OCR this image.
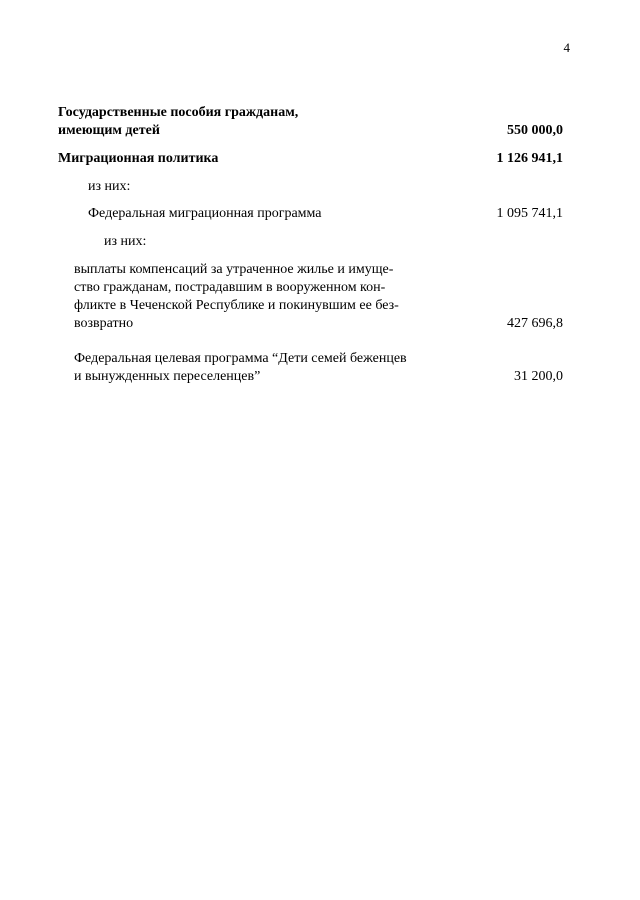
4
Государственные пособия гражданам,
имеющим детей	550 000,0
Миграционная политика	1 126 941,1
из них:
Федеральная миграционная программа	1 095 741,1
из них:
выплаты компенсаций за утраченное жилье и имуще-
ство гражданам, пострадавшим в вооруженном кон-
фликте в Чеченской Республике и покинувшим ее без-
возвратно	427 696,8
Федеральная целевая программа “Дети семей беженцев
и вынужденных переселенцев”	31 200,0
